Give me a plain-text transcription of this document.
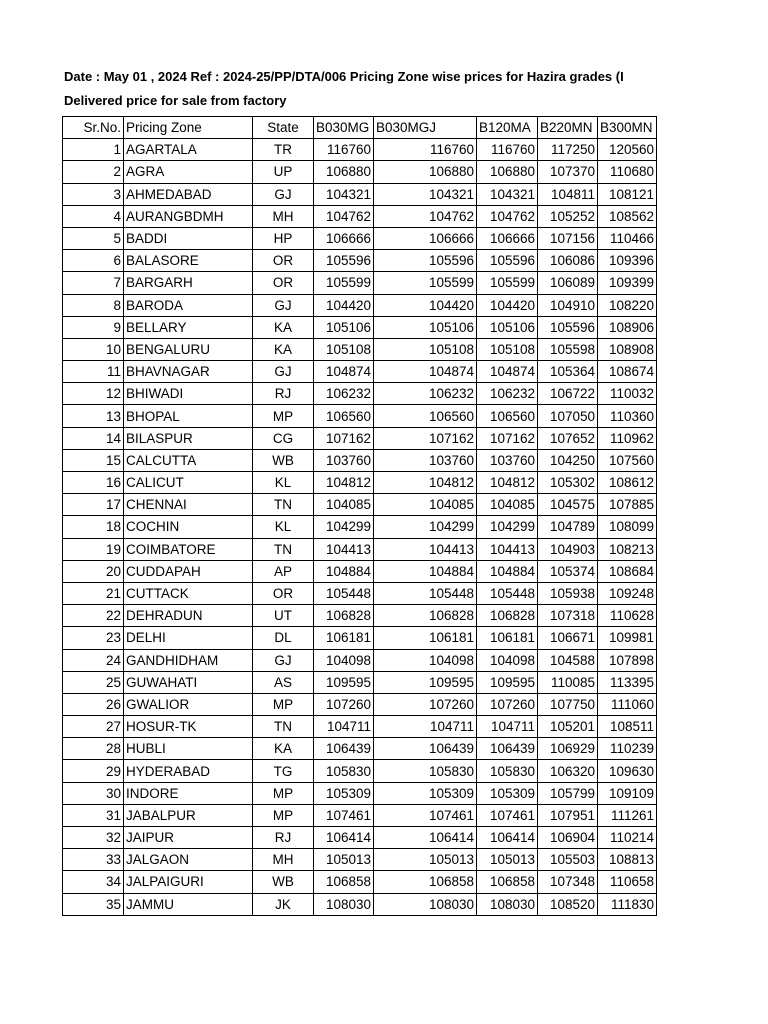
Date : May 01 , 2024 Ref : 2024-25/PP/DTA/006 Pricing Zone wise prices for Hazira grades (I
Delivered price for sale from factory
Sr.No.	Pricing Zone	State	B030MG	B030MGJ	B120MA	B220MN	B300MN
1	AGARTALA	TR	116760	116760	116760	117250	120560
2	AGRA	UP	106880	106880	106880	107370	110680
3	AHMEDABAD	GJ	104321	104321	104321	104811	108121
4	AURANGBDMH	MH	104762	104762	104762	105252	108562
5	BADDI	HP	106666	106666	106666	107156	110466
6	BALASORE	OR	105596	105596	105596	106086	109396
7	BARGARH	OR	105599	105599	105599	106089	109399
8	BARODA	GJ	104420	104420	104420	104910	108220
9	BELLARY	KA	105106	105106	105106	105596	108906
10	BENGALURU	KA	105108	105108	105108	105598	108908
11	BHAVNAGAR	GJ	104874	104874	104874	105364	108674
12	BHIWADI	RJ	106232	106232	106232	106722	110032
13	BHOPAL	MP	106560	106560	106560	107050	110360
14	BILASPUR	CG	107162	107162	107162	107652	110962
15	CALCUTTA	WB	103760	103760	103760	104250	107560
16	CALICUT	KL	104812	104812	104812	105302	108612
17	CHENNAI	TN	104085	104085	104085	104575	107885
18	COCHIN	KL	104299	104299	104299	104789	108099
19	COIMBATORE	TN	104413	104413	104413	104903	108213
20	CUDDAPAH	AP	104884	104884	104884	105374	108684
21	CUTTACK	OR	105448	105448	105448	105938	109248
22	DEHRADUN	UT	106828	106828	106828	107318	110628
23	DELHI	DL	106181	106181	106181	106671	109981
24	GANDHIDHAM	GJ	104098	104098	104098	104588	107898
25	GUWAHATI	AS	109595	109595	109595	110085	113395
26	GWALIOR	MP	107260	107260	107260	107750	111060
27	HOSUR-TK	TN	104711	104711	104711	105201	108511
28	HUBLI	KA	106439	106439	106439	106929	110239
29	HYDERABAD	TG	105830	105830	105830	106320	109630
30	INDORE	MP	105309	105309	105309	105799	109109
31	JABALPUR	MP	107461	107461	107461	107951	111261
32	JAIPUR	RJ	106414	106414	106414	106904	110214
33	JALGAON	MH	105013	105013	105013	105503	108813
34	JALPAIGURI	WB	106858	106858	106858	107348	110658
35	JAMMU	JK	108030	108030	108030	108520	111830
